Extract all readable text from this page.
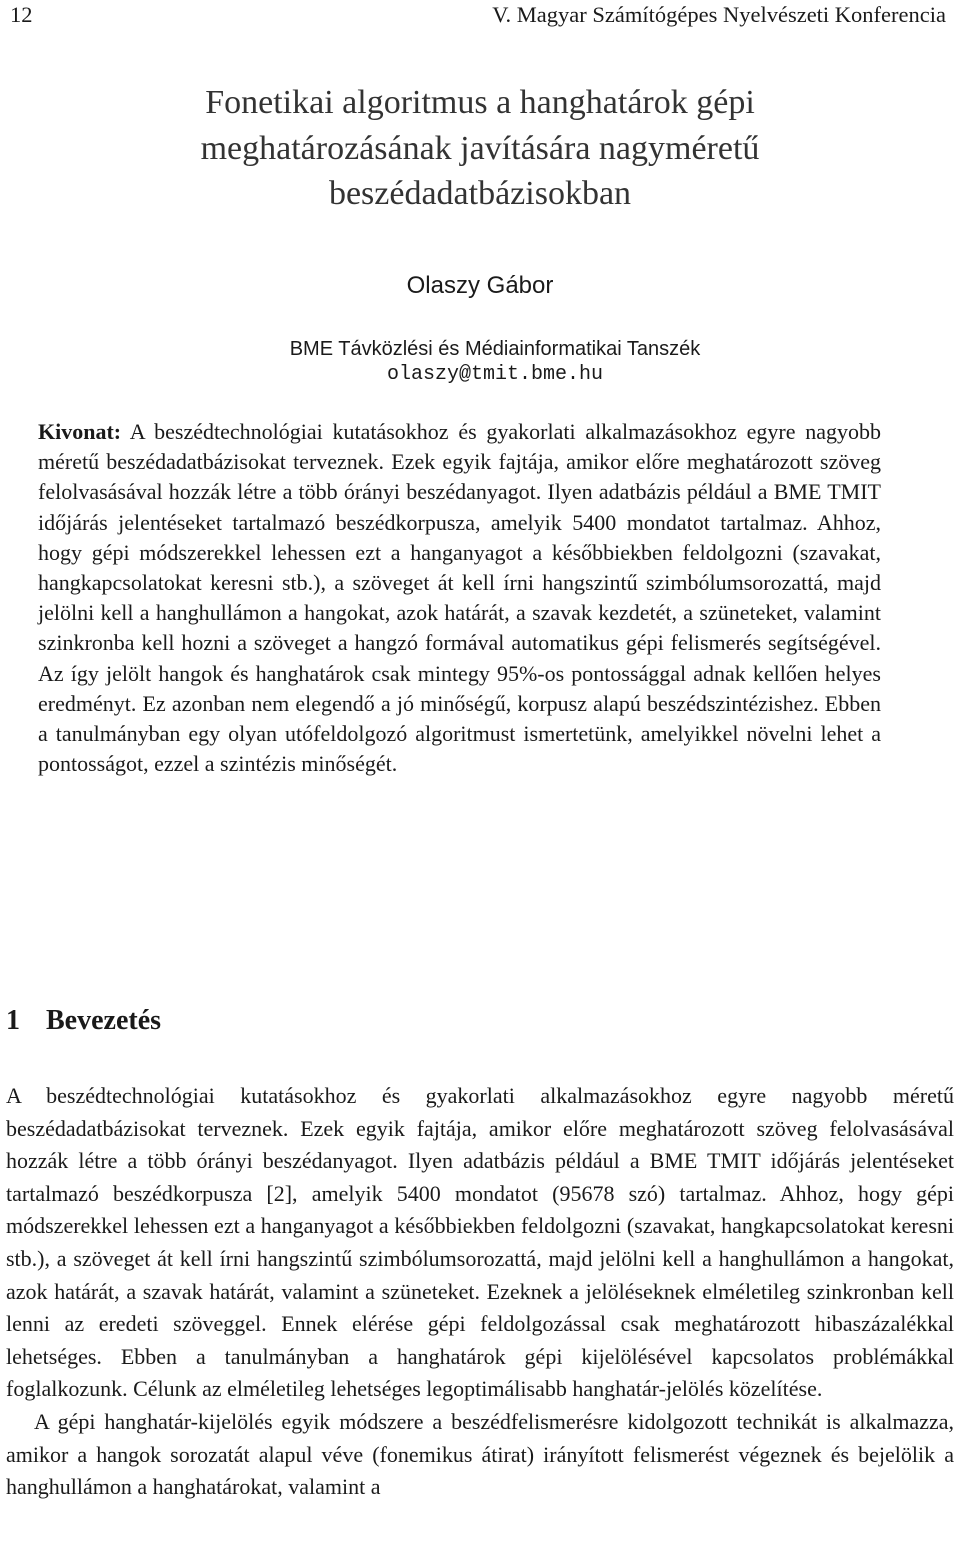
12	V. Magyar Számítógépes Nyelvészeti Konferencia
Fonetikai algoritmus a hanghatárok gépi
meghatározásának javítására nagyméretű
beszédadatbázisokban
Olaszy Gábor
BME Távközlési és Médiainformatikai Tanszék
olaszy@tmit.bme.hu
Kivonat: A beszédtechnológiai kutatásokhoz és gyakorlati alkalmazásokhoz egyre nagyobb méretű beszédadatbázisokat terveznek. Ezek egyik fajtája, amikor előre meghatározott szöveg felolvasásával hozzák létre a több órányi beszédanyagot. Ilyen adatbázis például a BME TMIT időjárás jelentéseket tartalmazó beszédkorpusza, amelyik 5400 mondatot tartalmaz. Ahhoz, hogy gépi módszerekkel lehessen ezt a hanganyagot a későbbiekben feldolgozni (szavakat, hangkapcsolatokat keresni stb.), a szöveget át kell írni hangszintű szimbólumsorozattá, majd jelölni kell a hanghullámon a hangokat, azok határát, a szavak kezdetét, a szüneteket, valamint szinkronba kell hozni a szöveget a hangzó formával automatikus gépi felismerés segítségével. Az így jelölt hangok és hanghatárok csak mintegy 95%-os pontossággal adnak kellően helyes eredményt. Ez azonban nem elegendő a jó minőségű, korpusz alapú beszédszintézishez. Ebben a tanulmányban egy olyan utófeldolgozó algoritmust ismertetünk, amelyikkel növelni lehet a pontosságot, ezzel a szintézis minőségét.
1 Bevezetés

A beszédtechnológiai kutatásokhoz és gyakorlati alkalmazásokhoz egyre nagyobb méretű beszédadatbázisokat terveznek. Ezek egyik fajtája, amikor előre meghatározott szöveg felolvasásával hozzák létre a több órányi beszédanyagot. Ilyen adatbázis például a BME TMIT időjárás jelentéseket tartalmazó beszédkorpusza [2], amelyik 5400 mondatot (95678 szó) tartalmaz. Ahhoz, hogy gépi módszerekkel lehessen ezt a hanganyagot a későbbiekben feldolgozni (szavakat, hangkapcsolatokat keresni stb.), a szöveget át kell írni hangszintű szimbólumsorozattá, majd jelölni kell a hanghullámon a hangokat, azok határát, a szavak határát, valamint a szüneteket. Ezeknek a jelöléseknek elméletileg szinkronban kell lenni az eredeti szöveggel. Ennek elérése gépi feldolgozással csak meghatározott hibaszázalékkal lehetséges. Ebben a tanulmányban a hanghatárok gépi kijelölésével kapcsolatos problémákkal foglalkozunk. Célunk az elméletileg lehetséges legoptimálisabb hanghatár-jelölés közelítése.

A gépi hanghatár-kijelölés egyik módszere a beszédfelismerésre kidolgozott technikát is alkalmazza, amikor a hangok sorozatát alapul véve (fonemikus átirat) irányított felismerést végeznek és bejelölik a hanghullámon a hanghatárokat, valamint a
